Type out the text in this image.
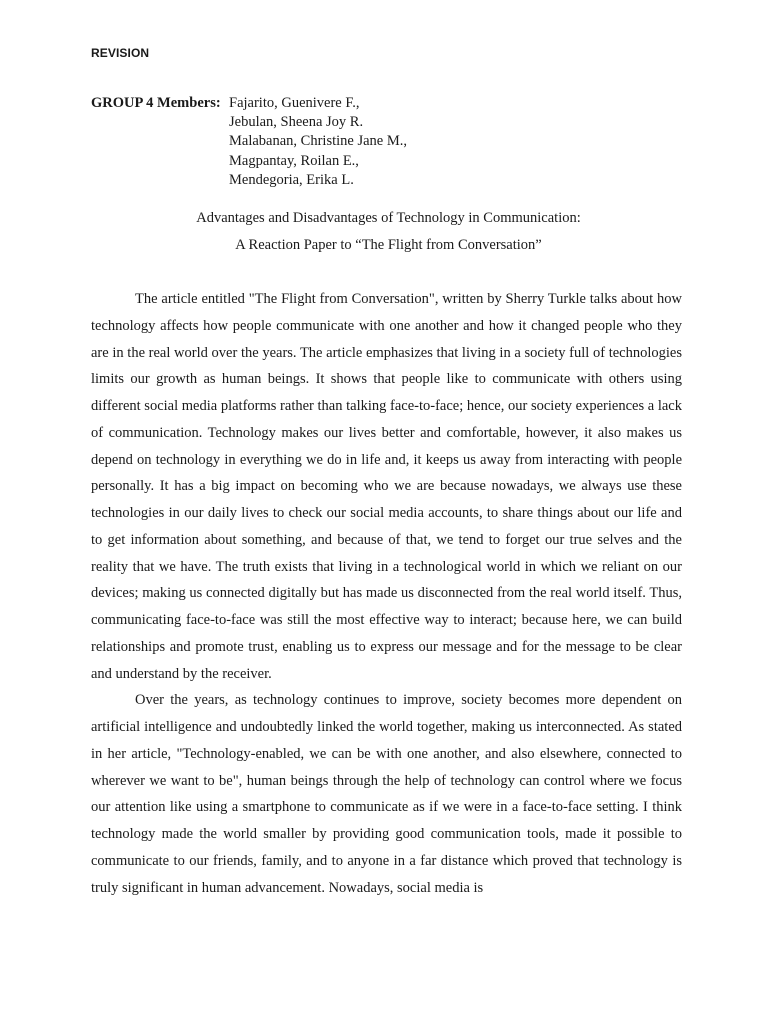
REVISION
GROUP 4 Members: Fajarito, Guenivere F.,
Jebulan, Sheena Joy R.
Malabanan, Christine Jane M.,
Magpantay, Roilan E.,
Mendegoria, Erika L.
Advantages and Disadvantages of Technology in Communication:
A Reaction Paper to “The Flight from Conversation”

The article entitled "The Flight from Conversation", written by Sherry Turkle talks about how technology affects how people communicate with one another and how it changed people who they are in the real world over the years. The article emphasizes that living in a society full of technologies limits our growth as human beings. It shows that people like to communicate with others using different social media platforms rather than talking face-to-face; hence, our society experiences a lack of communication. Technology makes our lives better and comfortable, however, it also makes us depend on technology in everything we do in life and, it keeps us away from interacting with people personally. It has a big impact on becoming who we are because nowadays, we always use these technologies in our daily lives to check our social media accounts, to share things about our life and to get information about something, and because of that, we tend to forget our true selves and the reality that we have. The truth exists that living in a technological world in which we reliant on our devices; making us connected digitally but has made us disconnected from the real world itself. Thus, communicating face-to-face was still the most effective way to interact; because here, we can build relationships and promote trust, enabling us to express our message and for the message to be clear and understand by the receiver.

Over the years, as technology continues to improve, society becomes more dependent on artificial intelligence and undoubtedly linked the world together, making us interconnected. As stated in her article, "Technology-enabled, we can be with one another, and also elsewhere, connected to wherever we want to be", human beings through the help of technology can control where we focus our attention like using a smartphone to communicate as if we were in a face-to-face setting. I think technology made the world smaller by providing good communication tools, made it possible to communicate to our friends, family, and to anyone in a far distance which proved that technology is truly significant in human advancement. Nowadays, social media is
